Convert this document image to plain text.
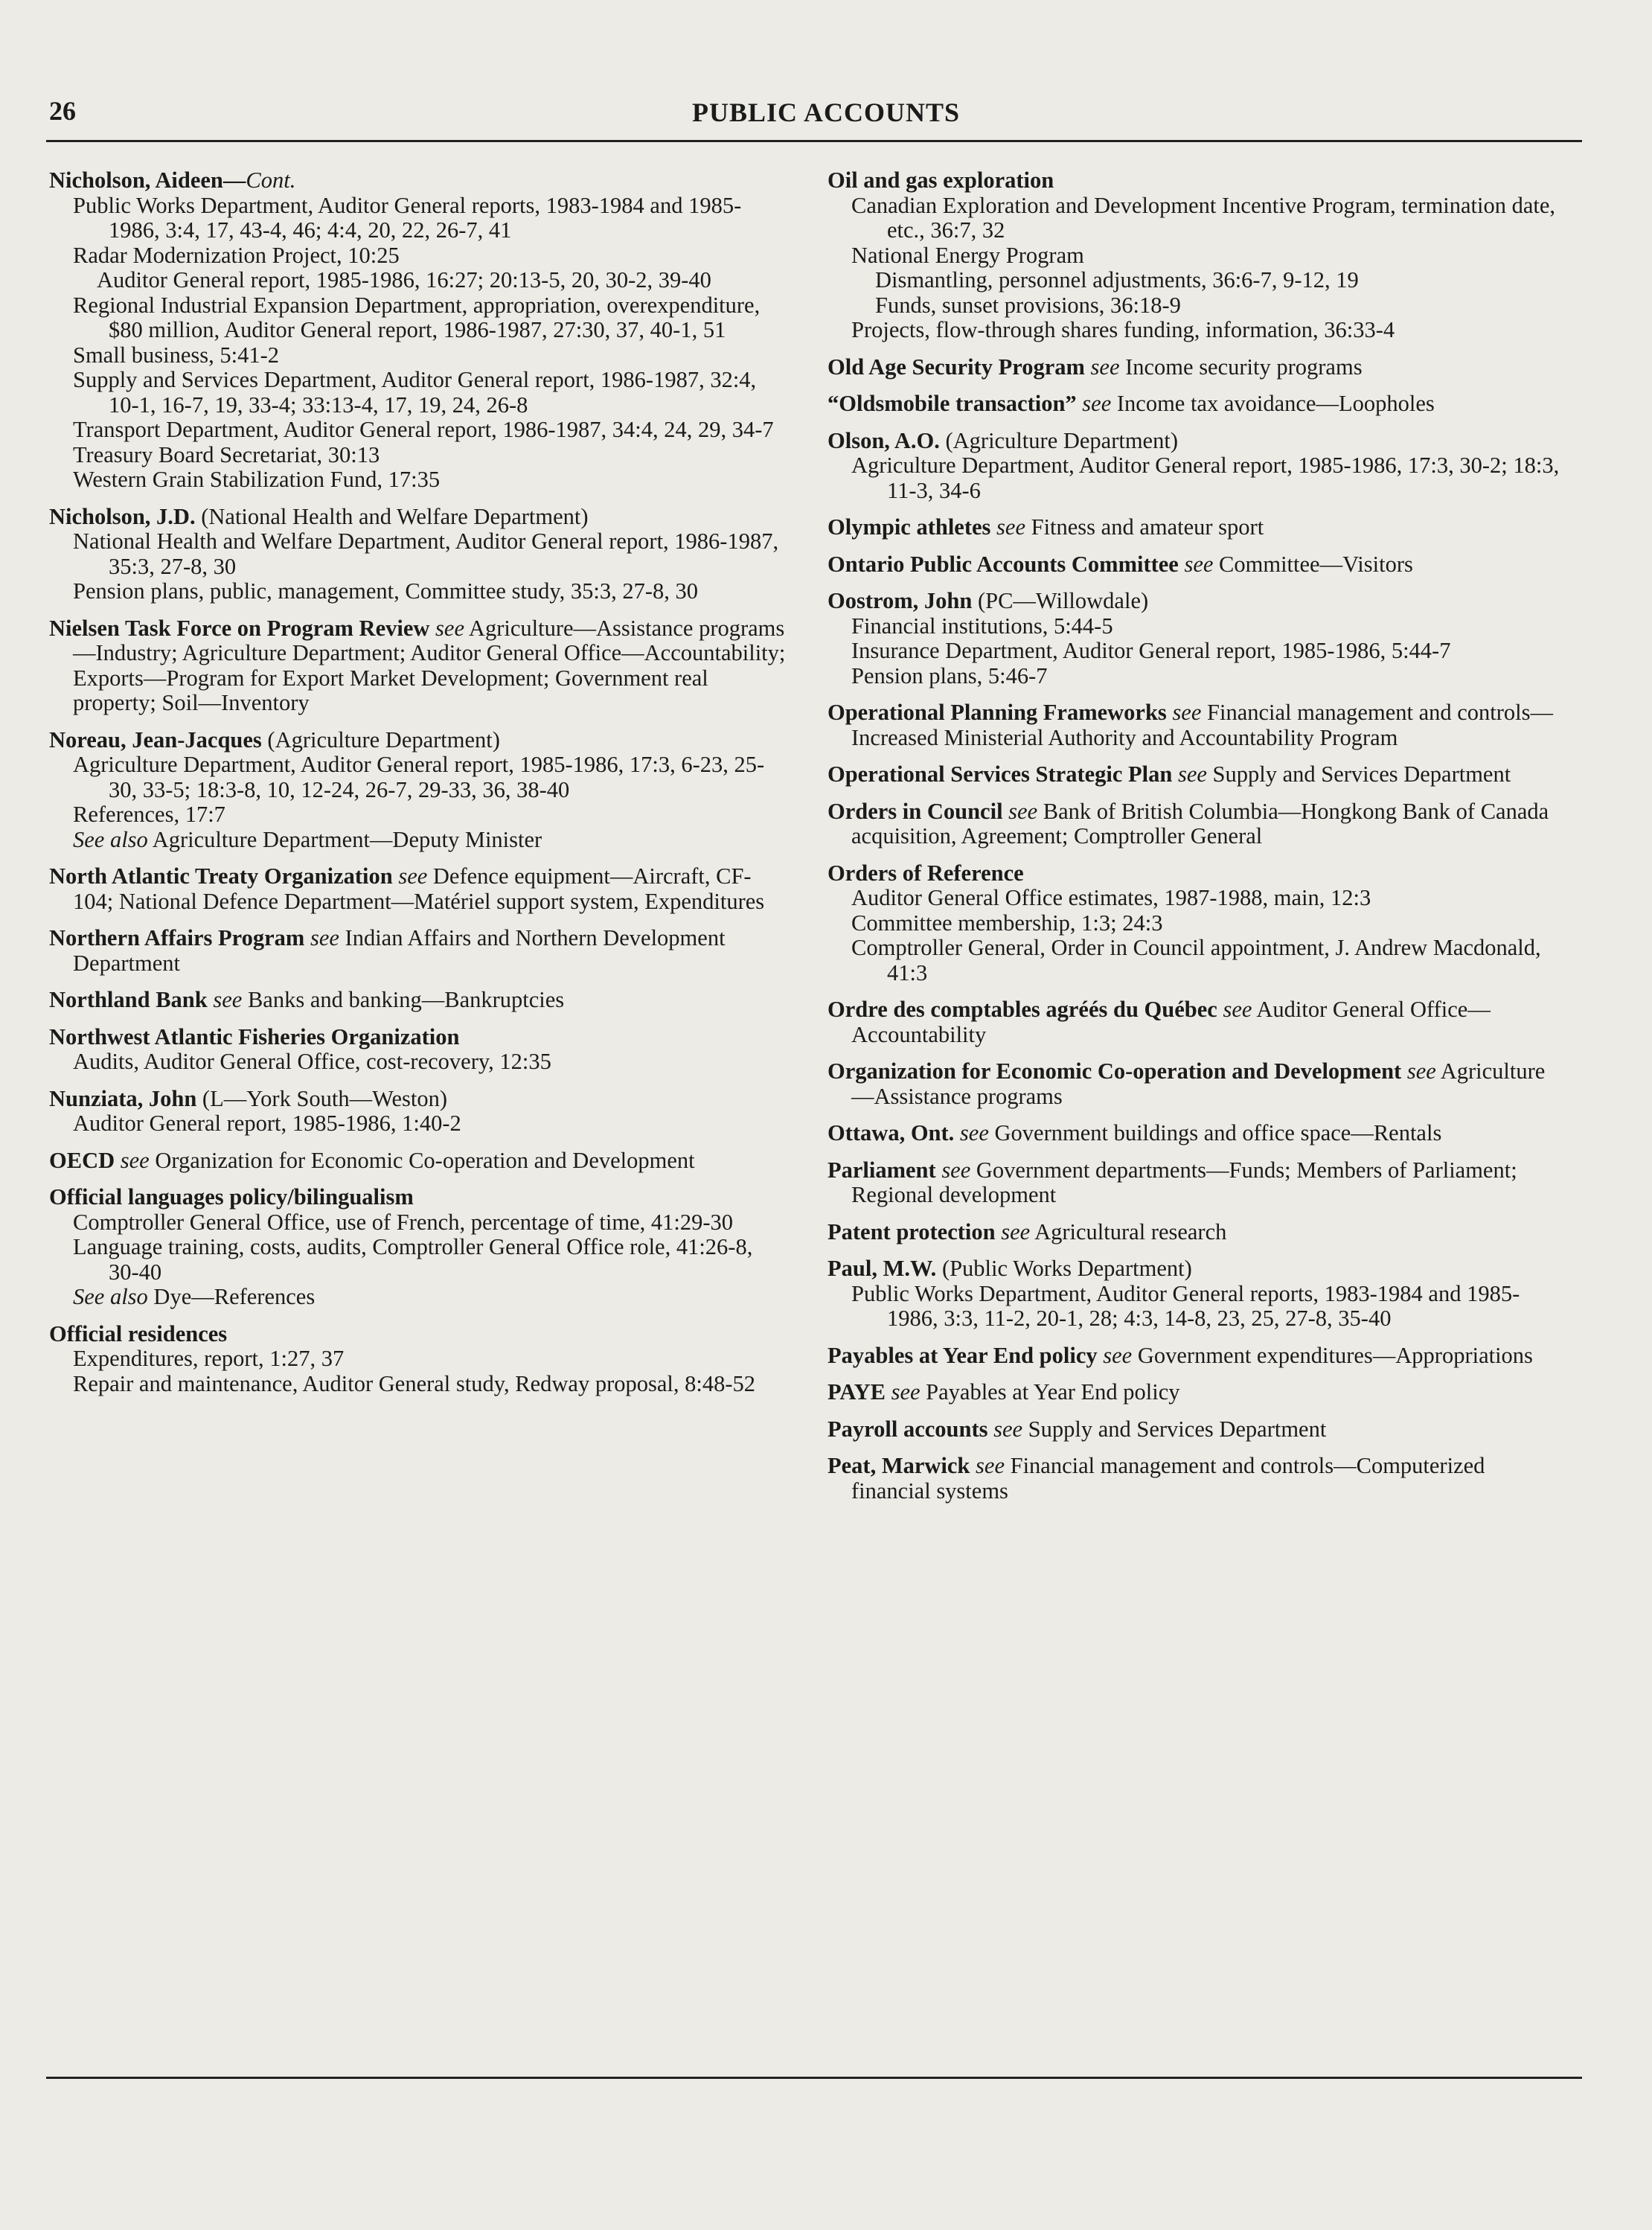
26	PUBLIC ACCOUNTS
Nicholson, Aideen—Cont.
Public Works Department, Auditor General reports, 1983-1984 and 1985-1986, 3:4, 17, 43-4, 46; 4:4, 20, 22, 26-7, 41
Radar Modernization Project, 10:25
Auditor General report, 1985-1986, 16:27; 20:13-5, 20, 30-2, 39-40
Regional Industrial Expansion Department, appropriation, overexpenditure, $80 million, Auditor General report, 1986-1987, 27:30, 37, 40-1, 51
Small business, 5:41-2
Supply and Services Department, Auditor General report, 1986-1987, 32:4, 10-1, 16-7, 19, 33-4; 33:13-4, 17, 19, 24, 26-8
Transport Department, Auditor General report, 1986-1987, 34:4, 24, 29, 34-7
Treasury Board Secretariat, 30:13
Western Grain Stabilization Fund, 17:35
Nicholson, J.D. (National Health and Welfare Department)
National Health and Welfare Department, Auditor General report, 1986-1987, 35:3, 27-8, 30
Pension plans, public, management, Committee study, 35:3, 27-8, 30
Nielsen Task Force on Program Review see Agriculture—Assistance programs—Industry; Agriculture Department; Auditor General Office—Accountability; Exports—Program for Export Market Development; Government real property; Soil—Inventory
Noreau, Jean-Jacques (Agriculture Department)
Agriculture Department, Auditor General report, 1985-1986, 17:3, 6-23, 25-30, 33-5; 18:3-8, 10, 12-24, 26-7, 29-33, 36, 38-40
References, 17:7
See also Agriculture Department—Deputy Minister
North Atlantic Treaty Organization see Defence equipment—Aircraft, CF-104; National Defence Department—Matériel support system, Expenditures
Northern Affairs Program see Indian Affairs and Northern Development Department
Northland Bank see Banks and banking—Bankruptcies
Northwest Atlantic Fisheries Organization
Audits, Auditor General Office, cost-recovery, 12:35
Nunziata, John (L—York South—Weston)
Auditor General report, 1985-1986, 1:40-2
OECD see Organization for Economic Co-operation and Development
Official languages policy/bilingualism
Comptroller General Office, use of French, percentage of time, 41:29-30
Language training, costs, audits, Comptroller General Office role, 41:26-8, 30-40
See also Dye—References
Official residences
Expenditures, report, 1:27, 37
Repair and maintenance, Auditor General study, Redway proposal, 8:48-52
Oil and gas exploration
Canadian Exploration and Development Incentive Program, termination date, etc., 36:7, 32
National Energy Program
Dismantling, personnel adjustments, 36:6-7, 9-12, 19
Funds, sunset provisions, 36:18-9
Projects, flow-through shares funding, information, 36:33-4
Old Age Security Program see Income security programs
“Oldsmobile transaction” see Income tax avoidance—Loopholes
Olson, A.O. (Agriculture Department)
Agriculture Department, Auditor General report, 1985-1986, 17:3, 30-2; 18:3, 11-3, 34-6
Olympic athletes see Fitness and amateur sport
Ontario Public Accounts Committee see Committee—Visitors
Oostrom, John (PC—Willowdale)
Financial institutions, 5:44-5
Insurance Department, Auditor General report, 1985-1986, 5:44-7
Pension plans, 5:46-7
Operational Planning Frameworks see Financial management and controls—Increased Ministerial Authority and Accountability Program
Operational Services Strategic Plan see Supply and Services Department
Orders in Council see Bank of British Columbia—Hongkong Bank of Canada acquisition, Agreement; Comptroller General
Orders of Reference
Auditor General Office estimates, 1987-1988, main, 12:3
Committee membership, 1:3; 24:3
Comptroller General, Order in Council appointment, J. Andrew Macdonald, 41:3
Ordre des comptables agréés du Québec see Auditor General Office—Accountability
Organization for Economic Co-operation and Development see Agriculture—Assistance programs
Ottawa, Ont. see Government buildings and office space—Rentals
Parliament see Government departments—Funds; Members of Parliament; Regional development
Patent protection see Agricultural research
Paul, M.W. (Public Works Department)
Public Works Department, Auditor General reports, 1983-1984 and 1985-1986, 3:3, 11-2, 20-1, 28; 4:3, 14-8, 23, 25, 27-8, 35-40
Payables at Year End policy see Government expenditures—Appropriations
PAYE see Payables at Year End policy
Payroll accounts see Supply and Services Department
Peat, Marwick see Financial management and controls—Computerized financial systems
